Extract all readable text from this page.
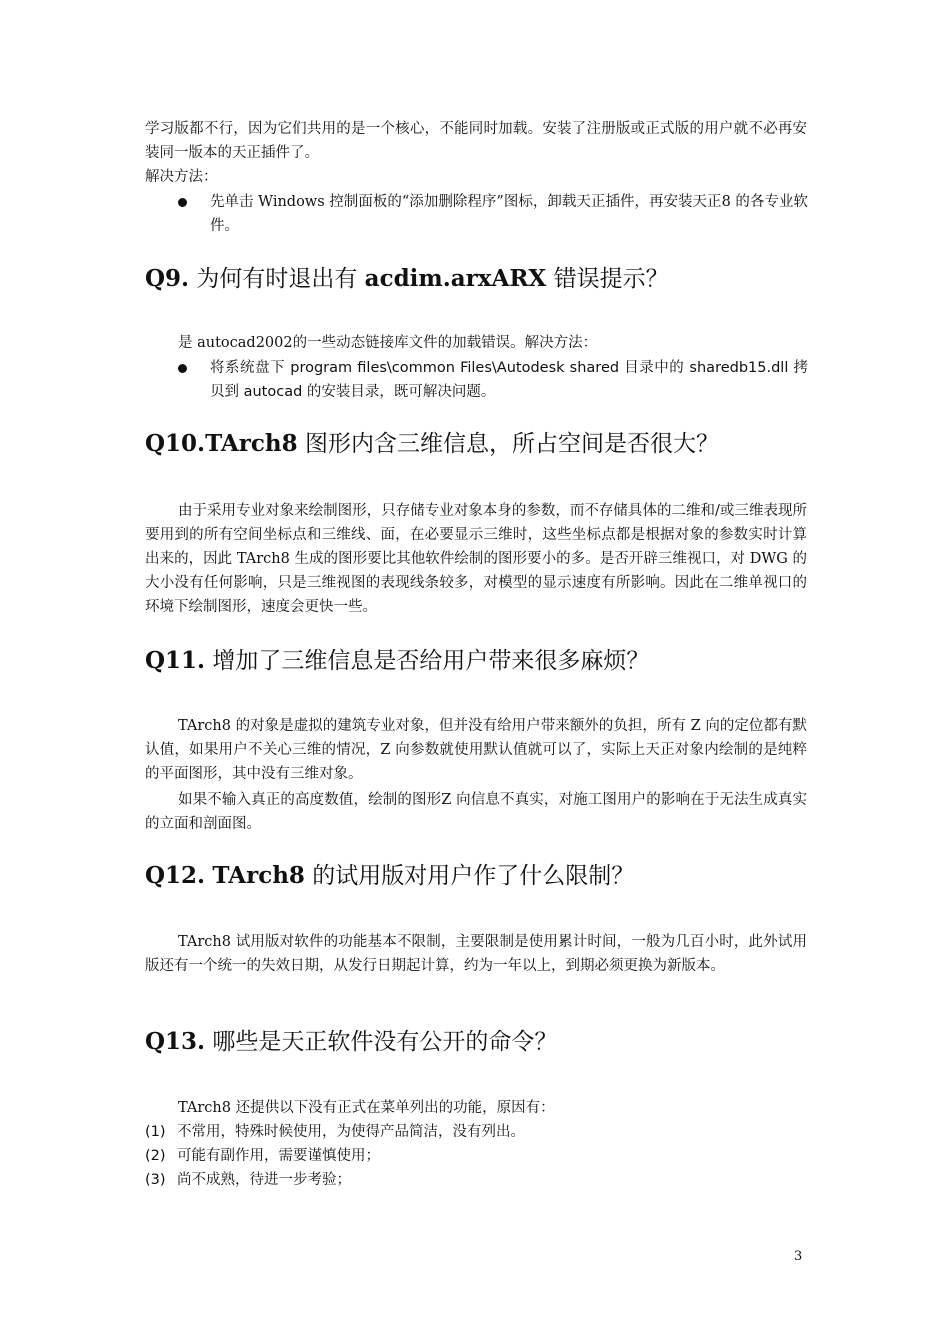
学习版都不行，因为它们共用的是一个核心，不能同时加载。安装了注册版或正式版的用户就不必再安装同一版本的天正插件了。

解决方法：

先单击 Windows 控制面板的“添加删除程序”图标，卸载天正插件，再安装天正8 的各专业软件。
Q9. 为何有时退出有 acdim.arxARX 错误提示？

是 autocad2002的一些动态链接库文件的加载错误。解决方法：

将系统盘下 program files\common Files\Autodesk shared 目录中的 sharedb15.dll 拷贝到 autocad 的安装目录，既可解决问题。
Q10.TArch8 图形内含三维信息，所占空间是否很大？

由于采用专业对象来绘制图形，只存储专业对象本身的参数，而不存储具体的二维和/或三维表现所要用到的所有空间坐标点和三维线、面，在必要显示三维时，这些坐标点都是根据对象的参数实时计算出来的，因此 TArch8 生成的图形要比其他软件绘制的图形要小的多。是否开辟三维视口，对 DWG 的大小没有任何影响，只是三维视图的表现线条较多，对模型的显示速度有所影响。因此在二维单视口的环境下绘制图形，速度会更快一些。

Q11. 增加了三维信息是否给用户带来很多麻烦？

TArch8 的对象是虚拟的建筑专业对象，但并没有给用户带来额外的负担，所有 Z 向的定位都有默认值，如果用户不关心三维的情况，Z 向参数就使用默认值就可以了，实际上天正对象内绘制的是纯粹的平面图形，其中没有三维对象。

如果不输入真正的高度数值，绘制的图形Z 向信息不真实，对施工图用户的影响在于无法生成真实的立面和剖面图。

Q12. TArch8 的试用版对用户作了什么限制？

TArch8 试用版对软件的功能基本不限制，主要限制是使用累计时间，一般为几百小时，此外试用版还有一个统一的失效日期，从发行日期起计算，约为一年以上，到期必须更换为新版本。

Q13. 哪些是天正软件没有公开的命令？

TArch8 还提供以下没有正式在菜单列出的功能，原因有：

(1) 不常用，特殊时候使用，为使得产品简洁，没有列出。
(2) 可能有副作用，需要谨慎使用；
(3) 尚不成熟，待进一步考验；
3
